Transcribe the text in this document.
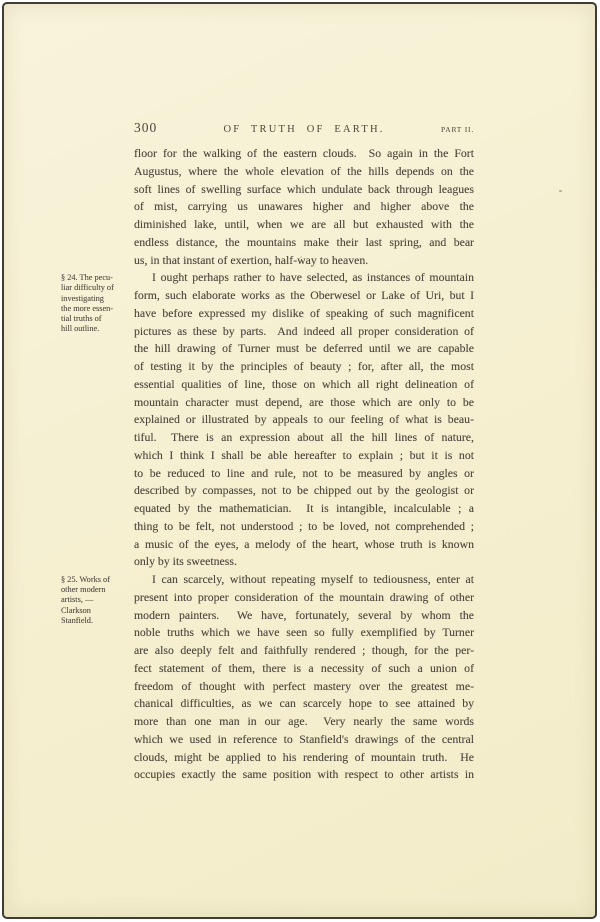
300	OF TRUTH OF EARTH.	PART II.
floor for the walking of the eastern clouds.  So again in the Fort
Augustus, where the whole elevation of the hills depends on the
soft lines of swelling surface which undulate back through leagues
of mist, carrying us unawares higher and higher above the
diminished lake, until, when we are all but exhausted with the
endless distance, the mountains make their last spring, and bear
us, in that instant of exertion, half-way to heaven.
§ 24. The pecu-
liar difficulty of
investigating
the more essen-
tial truths of
hill outline.
I ought perhaps rather to have selected, as instances of mountain
form, such elaborate works as the Oberwesel or Lake of Uri, but I
have before expressed my dislike of speaking of such magnificent
pictures as these by parts.  And indeed all proper consideration of
the hill drawing of Turner must be deferred until we are capable
of testing it by the principles of beauty ; for, after all, the most
essential qualities of line, those on which all right delineation of
mountain character must depend, are those which are only to be
explained or illustrated by appeals to our feeling of what is beau-
tiful.  There is an expression about all the hill lines of nature,
which I think I shall be able hereafter to explain ; but it is not
to be reduced to line and rule, not to be measured by angles or
described by compasses, not to be chipped out by the geologist or
equated by the mathematician.  It is intangible, incalculable ; a
thing to be felt, not understood ; to be loved, not comprehended ;
a music of the eyes, a melody of the heart, whose truth is known
only by its sweetness.
§ 25. Works of
other modern
artists, —
Clarkson
Stanfield.
I can scarcely, without repeating myself to tediousness, enter at
present into proper consideration of the mountain drawing of other
modern painters.  We have, fortunately, several by whom the
noble truths which we have seen so fully exemplified by Turner
are also deeply felt and faithfully rendered ; though, for the per-
fect statement of them, there is a necessity of such a union of
freedom of thought with perfect mastery over the greatest me-
chanical difficulties, as we can scarcely hope to see attained by
more than one man in our age.  Very nearly the same words
which we used in reference to Stanfield's drawings of the central
clouds, might be applied to his rendering of mountain truth.  He
occupies exactly the same position with respect to other artists in
